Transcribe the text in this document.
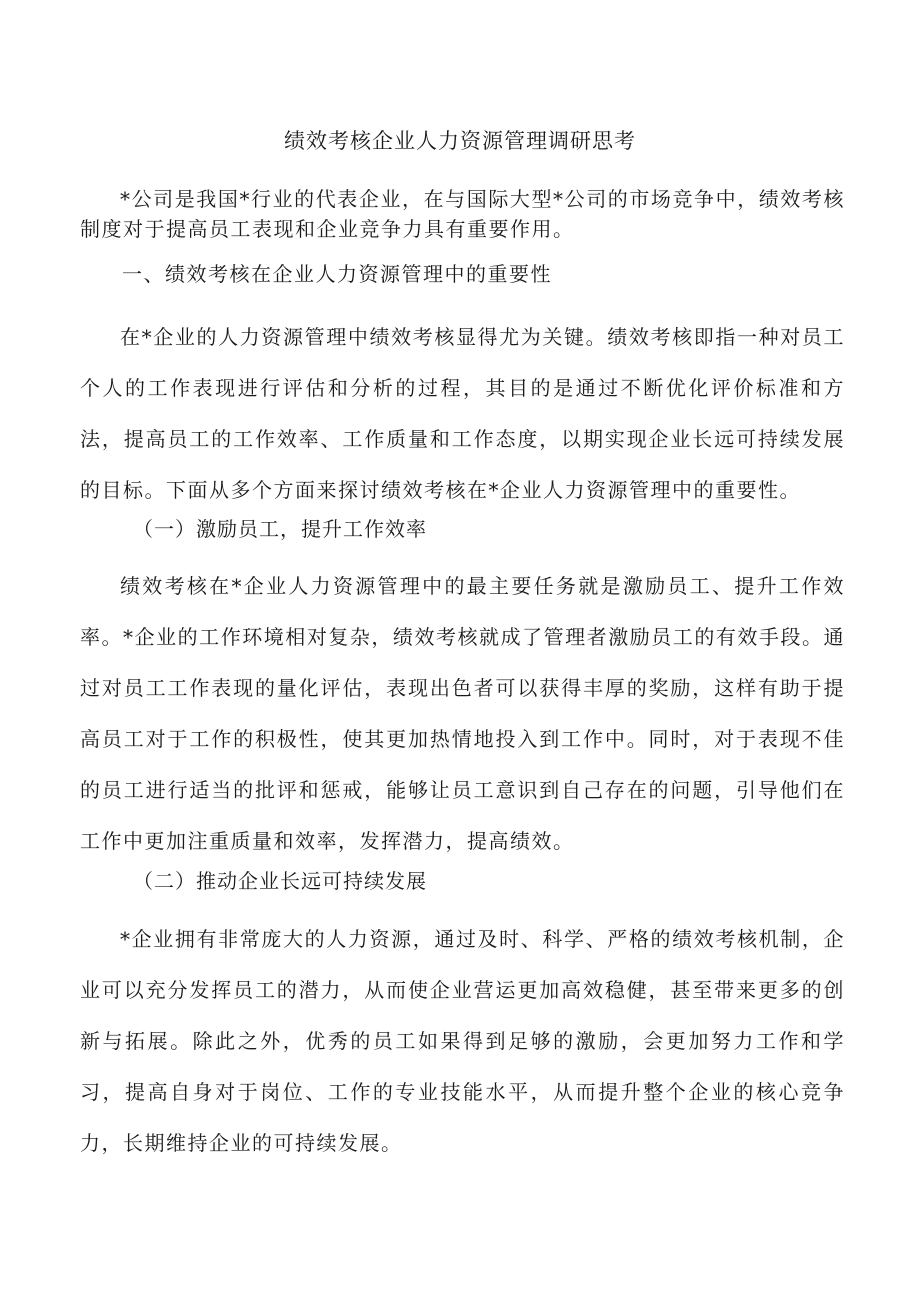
绩效考核企业人力资源管理调研思考

*公司是我国*行业的代表企业，在与国际大型*公司的市场竞争中，绩效考核制度对于提高员工表现和企业竞争力具有重要作用。

一、绩效考核在企业人力资源管理中的重要性

在*企业的人力资源管理中绩效考核显得尤为关键。绩效考核即指一种对员工个人的工作表现进行评估和分析的过程，其目的是通过不断优化评价标准和方法，提高员工的工作效率、工作质量和工作态度，以期实现企业长远可持续发展的目标。下面从多个方面来探讨绩效考核在*企业人力资源管理中的重要性。

（一）激励员工，提升工作效率

绩效考核在*企业人力资源管理中的最主要任务就是激励员工、提升工作效率。*企业的工作环境相对复杂，绩效考核就成了管理者激励员工的有效手段。通过对员工工作表现的量化评估，表现出色者可以获得丰厚的奖励，这样有助于提高员工对于工作的积极性，使其更加热情地投入到工作中。同时，对于表现不佳的员工进行适当的批评和惩戒，能够让员工意识到自己存在的问题，引导他们在工作中更加注重质量和效率，发挥潜力，提高绩效。

（二）推动企业长远可持续发展

*企业拥有非常庞大的人力资源，通过及时、科学、严格的绩效考核机制，企业可以充分发挥员工的潜力，从而使企业营运更加高效稳健，甚至带来更多的创新与拓展。除此之外，优秀的员工如果得到足够的激励，会更加努力工作和学习，提高自身对于岗位、工作的专业技能水平，从而提升整个企业的核心竞争力，长期维持企业的可持续发展。
